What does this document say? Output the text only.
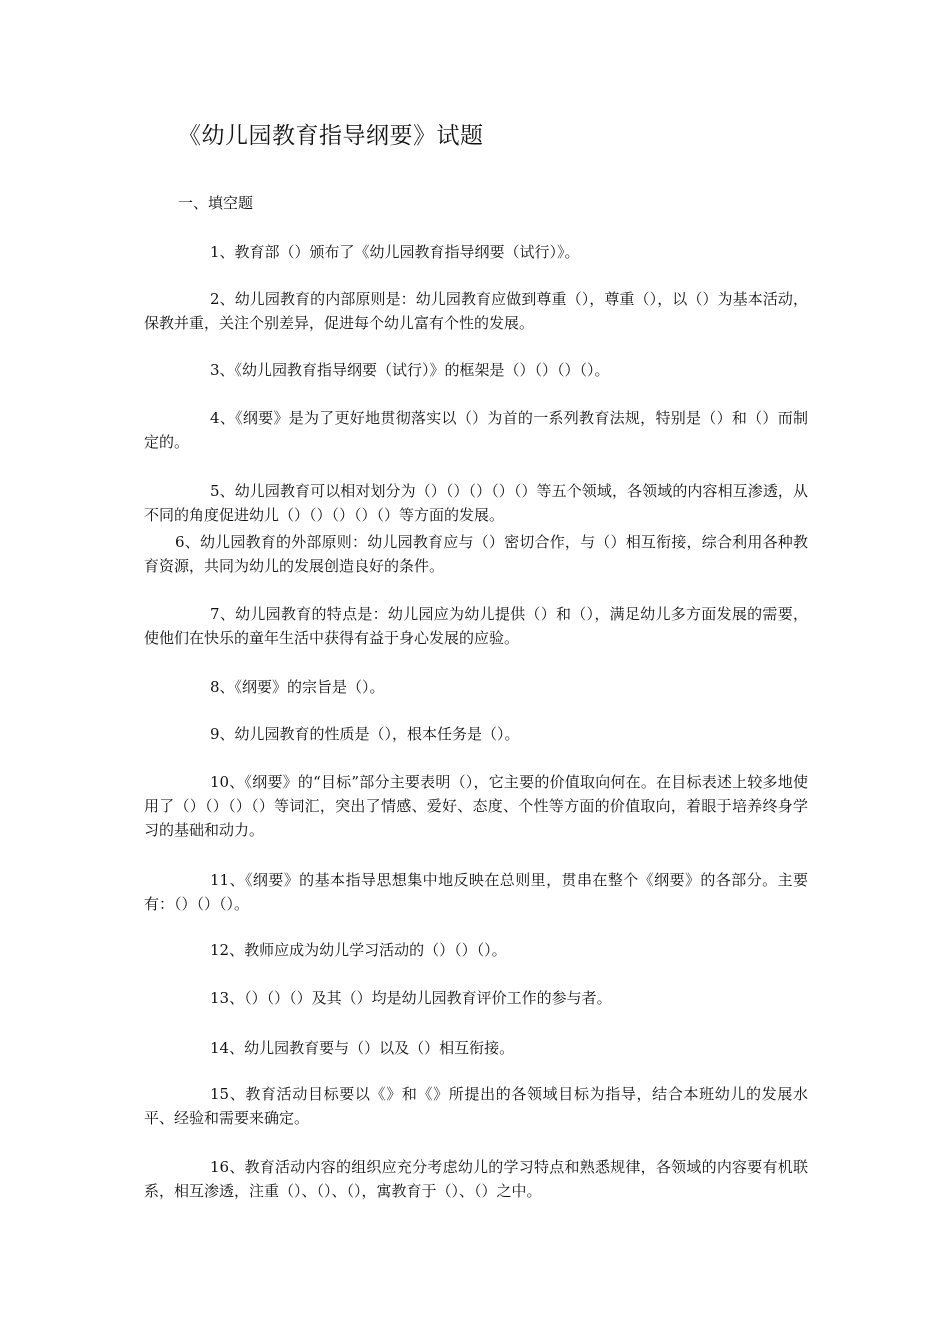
《幼儿园教育指导纲要》试题
一、填空题

1、教育部（）颁布了《幼儿园教育指导纲要（试行）》。

2、幼儿园教育的内部原则是：幼儿园教育应做到尊重（），尊重（），以（）为基本活动，保教并重，关注个别差异，促进每个幼儿富有个性的发展。

3、《幼儿园教育指导纲要（试行）》的框架是（）（）（）（）。

4、《纲要》是为了更好地贯彻落实以（）为首的一系列教育法规，特别是（）和（）而制定的。

5、幼儿园教育可以相对划分为（）（）（）（）（）等五个领域，各领域的内容相互渗透，从不同的角度促进幼儿（）（）（）（）（）等方面的发展。

6、幼儿园教育的外部原则：幼儿园教育应与（）密切合作，与（）相互衔接，综合利用各种教育资源，共同为幼儿的发展创造良好的条件。

7、幼儿园教育的特点是：幼儿园应为幼儿提供（）和（），满足幼儿多方面发展的需要，使他们在快乐的童年生活中获得有益于身心发展的应验。

8、《纲要》的宗旨是（）。

9、幼儿园教育的性质是（），根本任务是（）。

10、《纲要》的“目标”部分主要表明（），它主要的价值取向何在。在目标表述上较多地使用了（）（）（）（）等词汇，突出了情感、爱好、态度、个性等方面的价值取向，着眼于培养终身学习的基础和动力。

11、《纲要》的基本指导思想集中地反映在总则里，贯串在整个《纲要》的各部分。主要有：（）（）（）。

12、教师应成为幼儿学习活动的（）（）（）。

13、（）（）（）及其（）均是幼儿园教育评价工作的参与者。

14、幼儿园教育要与（）以及（）相互衔接。

15、教育活动目标要以《》和《》所提出的各领域目标为指导，结合本班幼儿的发展水平、经验和需要来确定。

16、教育活动内容的组织应充分考虑幼儿的学习特点和熟悉规律，各领域的内容要有机联系，相互渗透，注重（）、（）、（），寓教育于（）、（）之中。
